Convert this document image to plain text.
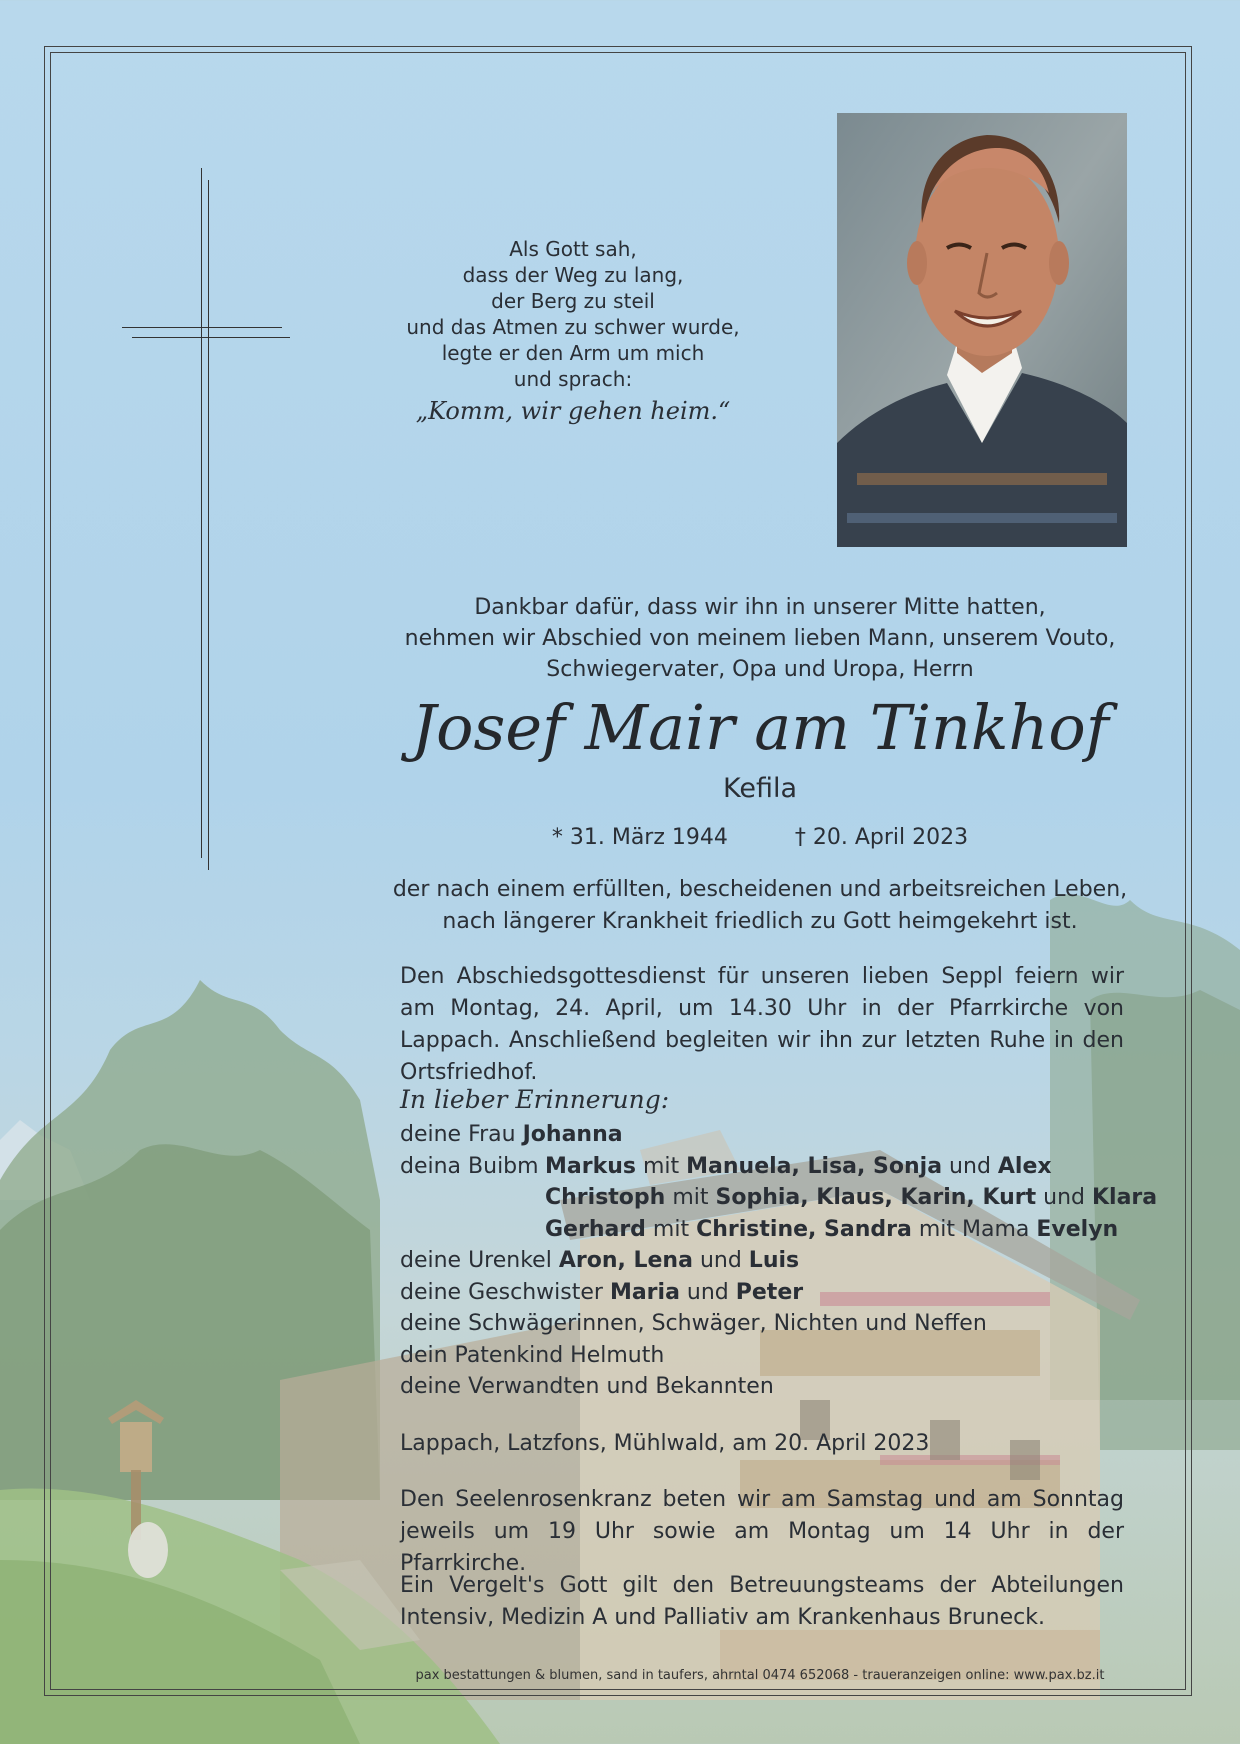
Als Gott sah,
dass der Weg zu lang,
der Berg zu steil
und das Atmen zu schwer wurde,
legte er den Arm um mich
und sprach:
„Komm, wir gehen heim.“
Dankbar dafür, dass wir ihn in unserer Mitte hatten,
nehmen wir Abschied von meinem lieben Mann, unserem Vouto,
Schwiegervater, Opa und Uropa, Herrn
Josef Mair am Tinkhof
Kefila
* 31. März 1944	† 20. April 2023
der nach einem erfüllten, bescheidenen und arbeitsreichen Leben, nach längerer Krankheit friedlich zu Gott heimgekehrt ist.
Den Abschiedsgottesdienst für unseren lieben Seppl feiern wir am Montag, 24. April, um 14.30 Uhr in der Pfarrkirche von Lappach. Anschließend begleiten wir ihn zur letzten Ruhe in den Ortsfriedhof.
In lieber Erinnerung:
deine Frau Johanna
deina Buibm Markus mit Manuela, Lisa, Sonja und Alex
Christoph mit Sophia, Klaus, Karin, Kurt und Klara
Gerhard mit Christine, Sandra mit Mama Evelyn
deine Urenkel Aron, Lena und Luis
deine Geschwister Maria und Peter
deine Schwägerinnen, Schwäger, Nichten und Neffen
dein Patenkind Helmuth
deine Verwandten und Bekannten
Lappach, Latzfons, Mühlwald, am 20. April 2023
Den Seelenrosenkranz beten wir am Samstag und am Sonntag jeweils um 19 Uhr sowie am Montag um 14 Uhr in der Pfarrkirche.
Ein Vergelt's Gott gilt den Betreuungsteams der Abteilungen Intensiv, Medizin A und Palliativ am Krankenhaus Bruneck.
pax bestattungen & blumen, sand in taufers, ahrntal 0474 652068 - traueranzeigen online: www.pax.bz.it
